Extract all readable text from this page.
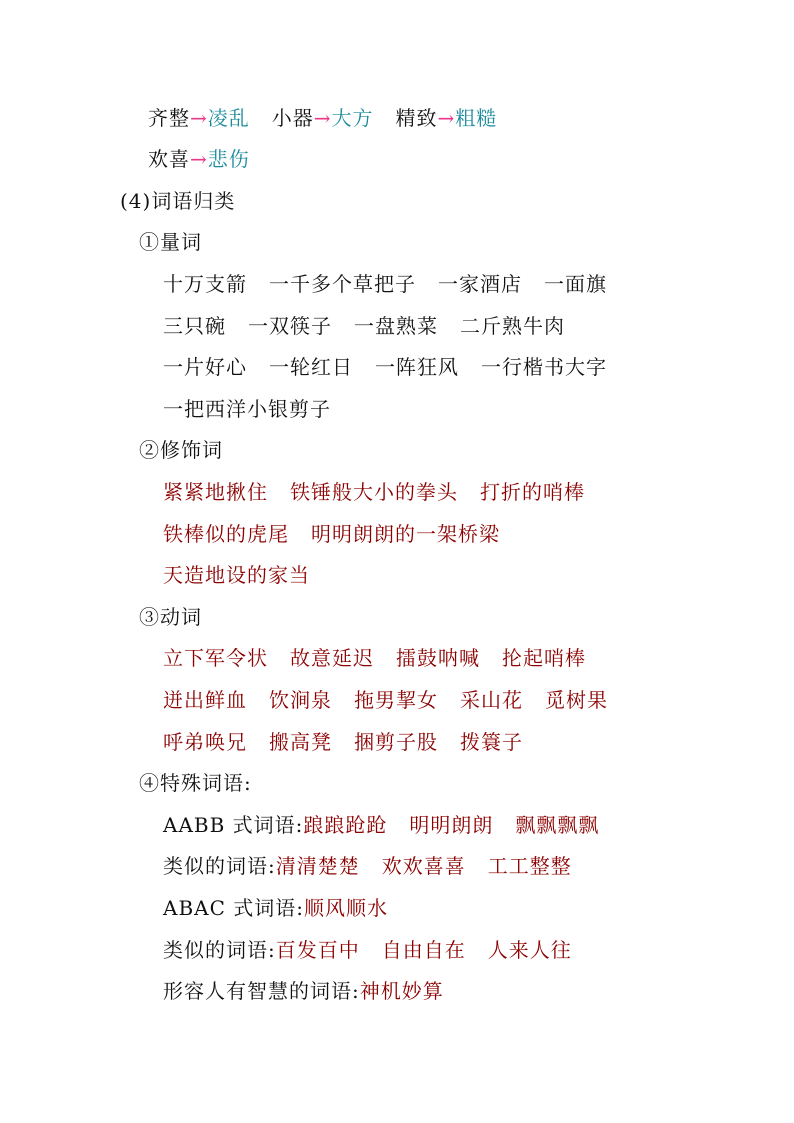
齐整→凌乱 小器→大方 精致→粗糙
欢喜→悲伤
(4)词语归类
①量词
十万支箭 一千多个草把子 一家酒店 一面旗
三只碗 一双筷子 一盘熟菜 二斤熟牛肉
一片好心 一轮红日 一阵狂风 一行楷书大字
一把西洋小银剪子
②修饰词
紧紧地揪住 铁锤般大小的拳头 打折的哨棒
铁棒似的虎尾 明明朗朗的一架桥梁
天造地设的家当
③动词
立下军令状 故意延迟 擂鼓呐喊 抡起哨棒
迸出鲜血 饮涧泉 拖男挈女 采山花 觅树果
呼弟唤兄 搬高凳 捆剪子股 拨簑子
④特殊词语:
AABB 式词语:踉踉跄跄 明明朗朗 飘飘飘飘
类似的词语:清清楚楚 欢欢喜喜 工工整整
ABAC 式词语:顺风顺水
类似的词语:百发百中 自由自在 人来人往
形容人有智慧的词语:神机妙算
